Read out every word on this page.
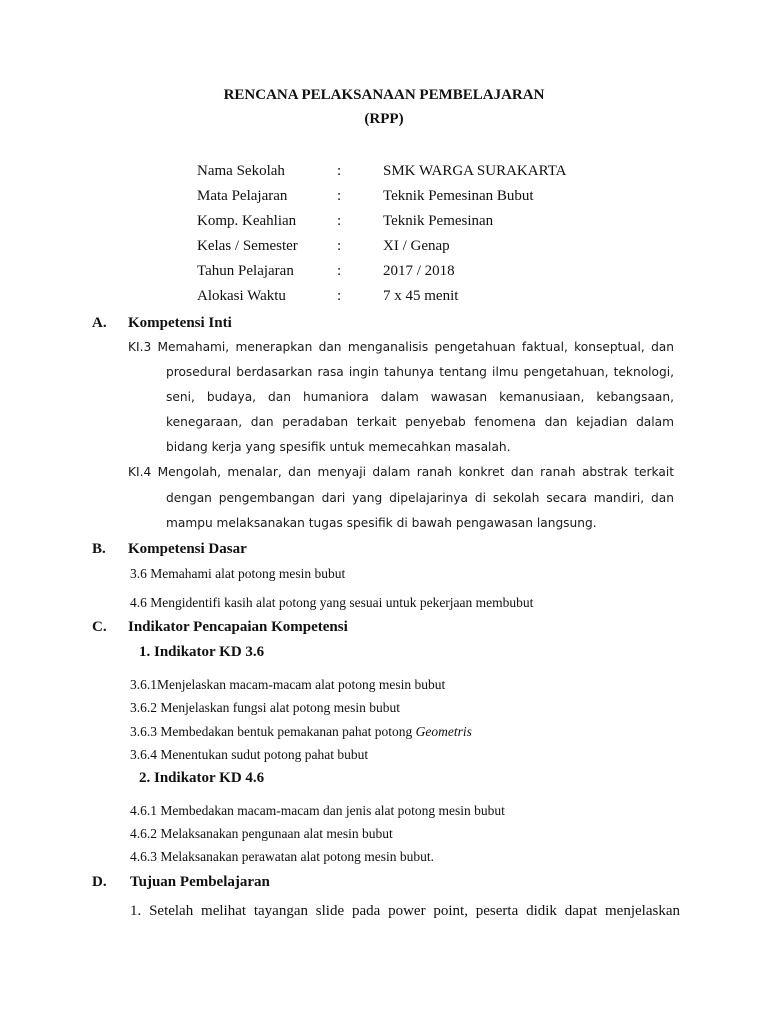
RENCANA PELAKSANAAN PEMBELAJARAN
(RPP)
Nama Sekolah	:	SMK WARGA SURAKARTA
Mata Pelajaran	:	Teknik Pemesinan Bubut
Komp. Keahlian	:	Teknik Pemesinan
Kelas / Semester	:	XI / Genap
Tahun Pelajaran	:	2017 / 2018
Alokasi Waktu	:	7 x 45 menit
A. Kompetensi Inti
KI.3 Memahami, menerapkan dan menganalisis pengetahuan faktual, konseptual, dan
prosedural berdasarkan rasa ingin tahunya tentang ilmu pengetahuan, teknologi,
seni, budaya, dan humaniora dalam wawasan kemanusiaan, kebangsaan,
kenegaraan, dan peradaban terkait penyebab fenomena dan kejadian dalam
bidang kerja yang spesifik untuk memecahkan masalah.
KI.4 Mengolah, menalar, dan menyaji dalam ranah konkret dan ranah abstrak terkait
dengan pengembangan dari yang dipelajarinya di sekolah secara mandiri, dan
mampu melaksanakan tugas spesifik di bawah pengawasan langsung.
B. Kompetensi Dasar
3.6 Memahami alat potong mesin bubut
4.6 Mengidentifi kasih alat potong yang sesuai untuk pekerjaan membubut
C. Indikator Pencapaian Kompetensi
1. Indikator KD 3.6
3.6.1Menjelaskan macam-macam alat potong mesin bubut
3.6.2 Menjelaskan fungsi alat potong mesin bubut
3.6.3 Membedakan bentuk pemakanan pahat potong Geometris
3.6.4 Menentukan sudut potong pahat bubut
2. Indikator KD 4.6
4.6.1 Membedakan macam-macam dan jenis alat potong mesin bubut
4.6.2 Melaksanakan pengunaan alat mesin bubut
4.6.3 Melaksanakan perawatan alat potong mesin bubut.
D. Tujuan Pembelajaran
1. Setelah melihat tayangan slide pada power point, peserta didik dapat menjelaskan
